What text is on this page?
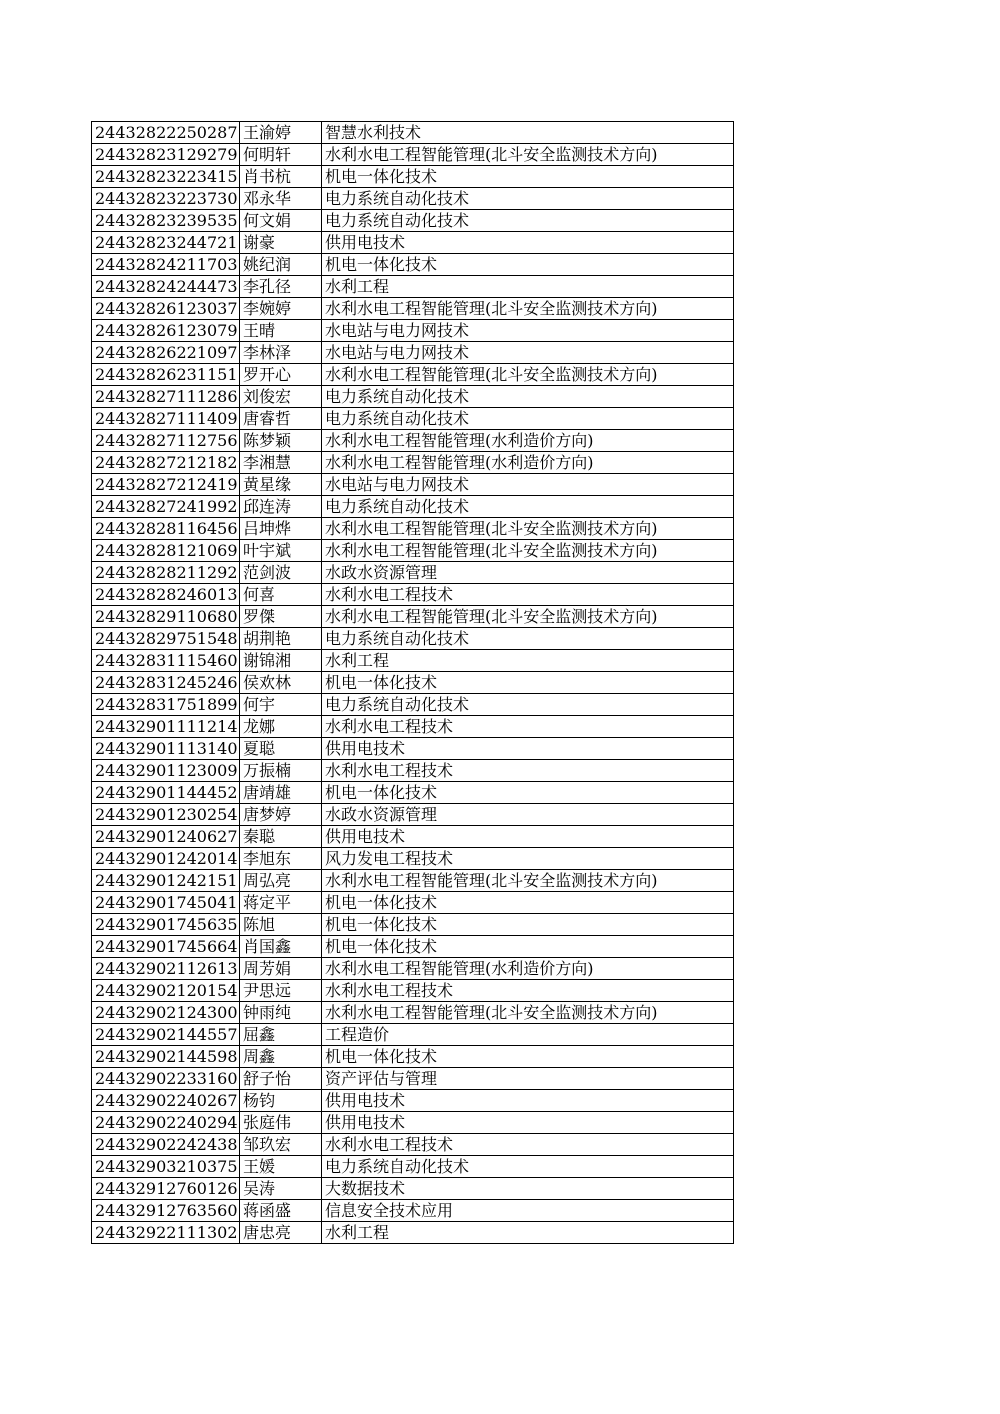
24432822250287	王渝婷	智慧水利技术
24432823129279	何明轩	水利水电工程智能管理(北斗安全监测技术方向)
24432823223415	肖书杭	机电一体化技术
24432823223730	邓永华	电力系统自动化技术
24432823239535	何文娟	电力系统自动化技术
24432823244721	谢豪	供用电技术
24432824211703	姚纪润	机电一体化技术
24432824244473	李孔径	水利工程
24432826123037	李婉婷	水利水电工程智能管理(北斗安全监测技术方向)
24432826123079	王晴	水电站与电力网技术
24432826221097	李林泽	水电站与电力网技术
24432826231151	罗开心	水利水电工程智能管理(北斗安全监测技术方向)
24432827111286	刘俊宏	电力系统自动化技术
24432827111409	唐睿哲	电力系统自动化技术
24432827112756	陈梦颖	水利水电工程智能管理(水利造价方向)
24432827212182	李湘慧	水利水电工程智能管理(水利造价方向)
24432827212419	黄星缘	水电站与电力网技术
24432827241992	邱连涛	电力系统自动化技术
24432828116456	吕坤烨	水利水电工程智能管理(北斗安全监测技术方向)
24432828121069	叶宇斌	水利水电工程智能管理(北斗安全监测技术方向)
24432828211292	范剑波	水政水资源管理
24432828246013	何喜	水利水电工程技术
24432829110680	罗傑	水利水电工程智能管理(北斗安全监测技术方向)
24432829751548	胡荆艳	电力系统自动化技术
24432831115460	谢锦湘	水利工程
24432831245246	侯欢林	机电一体化技术
24432831751899	何宇	电力系统自动化技术
24432901111214	龙娜	水利水电工程技术
24432901113140	夏聪	供用电技术
24432901123009	万振楠	水利水电工程技术
24432901144452	唐靖雄	机电一体化技术
24432901230254	唐梦婷	水政水资源管理
24432901240627	秦聪	供用电技术
24432901242014	李旭东	风力发电工程技术
24432901242151	周弘亮	水利水电工程智能管理(北斗安全监测技术方向)
24432901745041	蒋定平	机电一体化技术
24432901745635	陈旭	机电一体化技术
24432901745664	肖国鑫	机电一体化技术
24432902112613	周芳娟	水利水电工程智能管理(水利造价方向)
24432902120154	尹思远	水利水电工程技术
24432902124300	钟雨纯	水利水电工程智能管理(北斗安全监测技术方向)
24432902144557	屈鑫	工程造价
24432902144598	周鑫	机电一体化技术
24432902233160	舒子怡	资产评估与管理
24432902240267	杨钧	供用电技术
24432902240294	张庭伟	供用电技术
24432902242438	邹玖宏	水利水电工程技术
24432903210375	王媛	电力系统自动化技术
24432912760126	吴涛	大数据技术
24432912763560	蒋函盛	信息安全技术应用
24432922111302	唐忠亮	水利工程
